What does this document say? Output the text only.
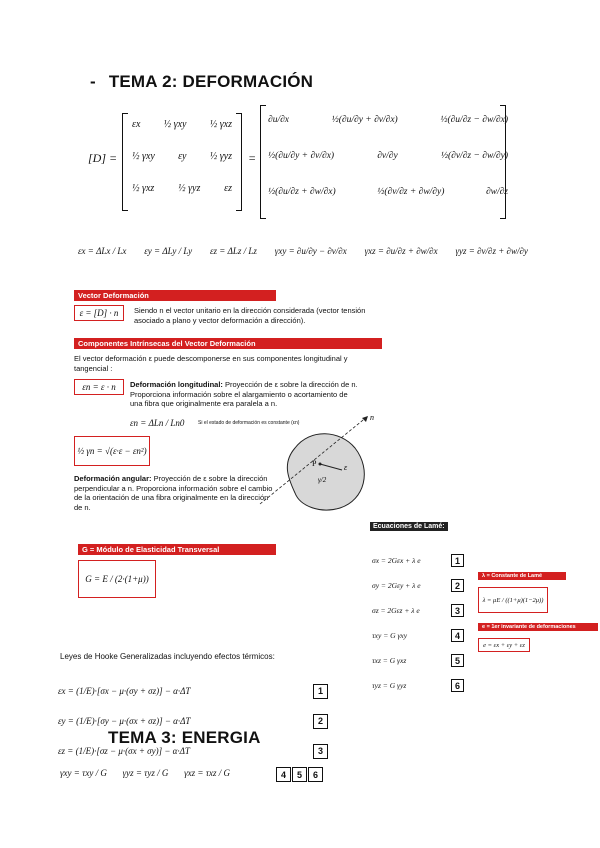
- TEMA 2: DEFORMACIÓN
[D] =
εx ½ γxy ½ γxz
½ γxy εy ½ γyz
½ γxz ½ γyz εz
=
∂u/∂x	½(∂u/∂y + ∂v/∂x)	½(∂u/∂z − ∂w/∂x)
½(∂u/∂y + ∂v/∂x)	∂v/∂y	½(∂v/∂z − ∂w/∂y)
½(∂u/∂z + ∂w/∂x)	½(∂v/∂z + ∂w/∂y)	∂w/∂z
εx = ΔLx / Lx εy = ΔLy / Ly εz = ΔLz / Lz γxy = ∂u/∂y − ∂v/∂x γxz = ∂u/∂z + ∂w/∂x γyz = ∂v/∂z + ∂w/∂y
Vector Deformación
ε = [D] · n	Siendo n el vector unitario en la dirección considerada (vector tensión asociado a plano y vector deformación a dirección).
Componentes Intrínsecas del Vector Deformación
El vector deformación ε puede descomponerse en sus componentes longitudinal y tangencial :
εn = ε · n	Deformación longitudinal: Proyección de ε sobre la dirección de n. Proporciona información sobre el alargamiento o acortamiento de una fibra que originalmente era paralela a n.
εn = ΔLn / Ln0	Si el estado de deformación es constante (εn)
½ γn = √(ε·ε − εn²)
Deformación angular: Proyección de ε sobre la dirección perpendicular a n. Proporciona información sobre el cambio de la orientación de una fibra originalmente en la dirección de n.
n
P	ε
γ/2
Ecuaciones de Lamé:
σx = 2Gεx + λ e	1
σy = 2Gεy + λ e	2
σz = 2Gεz + λ e	3
τxy = G γxy	4
τxz = G γxz	5
τyz = G γyz	6
λ = Constante de Lamé
λ = μE / ((1+μ)(1−2μ))
e = 1er invariante de deformaciones
e = εx + εy + εz
G = Módulo de Elasticidad Transversal
G = E / (2·(1+μ))
Leyes de Hooke Generalizadas incluyendo efectos térmicos:
εx = (1/E)·[σx − μ·(σy + σz)] − α·ΔT	1
εy = (1/E)·[σy − μ·(σx + σz)] − α·ΔT	2
εz = (1/E)·[σz − μ·(σx + σy)] − α·ΔT	3
TEMA 3: ENERGIA
γxy = τxy / G γyz = τyz / G γxz = τxz / G	4	5	6
